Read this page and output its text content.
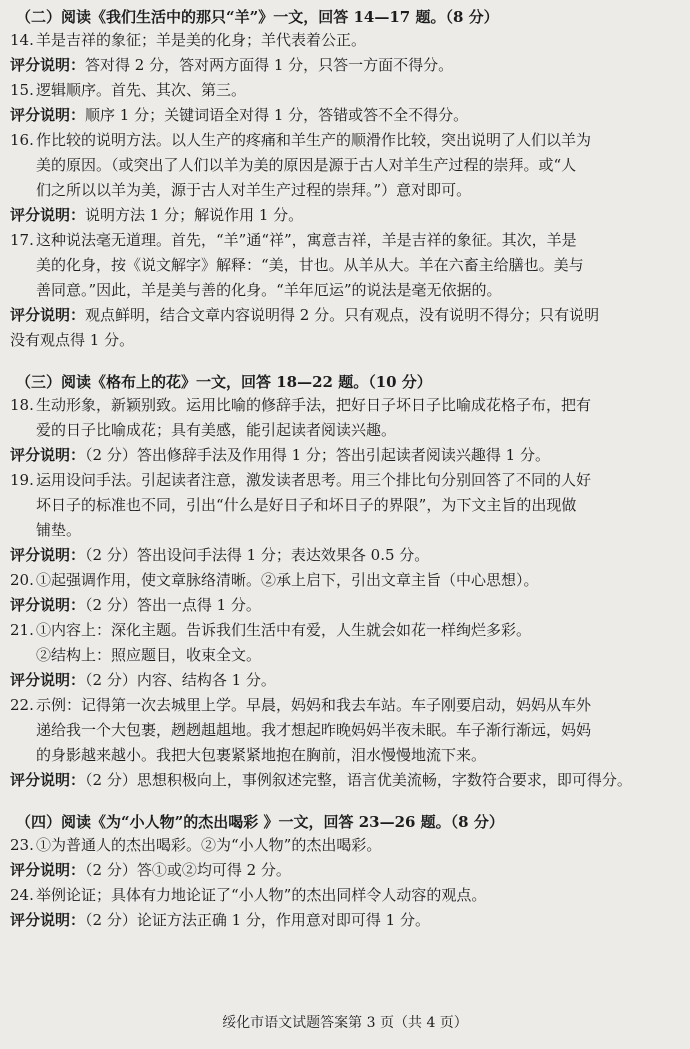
（二）阅读《我们生活中的那只“羊”》一文，回答 14—17 题。（8 分）

14. 羊是吉祥的象征；羊是美的化身；羊代表着公正。

评分说明：答对得 2 分，答对两方面得 1 分，只答一方面不得分。

15. 逻辑顺序。首先、其次、第三。

评分说明：顺序 1 分；关键词语全对得 1 分，答错或答不全不得分。

16. 作比较的说明方法。以人生产的疼痛和羊生产的顺滑作比较，突出说明了人们以羊为

美的原因。（或突出了人们以羊为美的原因是源于古人对羊生产过程的崇拜。或“人

们之所以以羊为美，源于古人对羊生产过程的崇拜。”）意对即可。

评分说明：说明方法 1 分；解说作用 1 分。

17. 这种说法毫无道理。首先，“羊”通“祥”，寓意吉祥，羊是吉祥的象征。其次，羊是

美的化身，按《说文解字》解释：“美，甘也。从羊从大。羊在六畜主给膳也。美与

善同意。”因此，羊是美与善的化身。“羊年厄运”的说法是毫无依据的。

评分说明：观点鲜明，结合文章内容说明得 2 分。只有观点，没有说明不得分；只有说明

没有观点得 1 分。

（三）阅读《格布上的花》一文，回答 18—22 题。（10 分）

18. 生动形象，新颖别致。运用比喻的修辞手法，把好日子坏日子比喻成花格子布，把有

爱的日子比喻成花；具有美感，能引起读者阅读兴趣。

评分说明：（2 分）答出修辞手法及作用得 1 分；答出引起读者阅读兴趣得 1 分。

19. 运用设问手法。引起读者注意，激发读者思考。用三个排比句分别回答了不同的人好

坏日子的标准也不同，引出“什么是好日子和坏日子的界限”，为下文主旨的出现做

铺垫。

评分说明：（2 分）答出设问手法得 1 分；表达效果各 0.5 分。

20. ①起强调作用，使文章脉络清晰。②承上启下，引出文章主旨（中心思想）。

评分说明：（2 分）答出一点得 1 分。

21. ①内容上：深化主题。告诉我们生活中有爱，人生就会如花一样绚烂多彩。

②结构上：照应题目，收束全文。

评分说明：（2 分）内容、结构各 1 分。

22. 示例：记得第一次去城里上学。早晨，妈妈和我去车站。车子刚要启动，妈妈从车外

递给我一个大包裹，趔趔趄趄地。我才想起昨晚妈妈半夜未眠。车子渐行渐远，妈妈

的身影越来越小。我把大包裹紧紧地抱在胸前，泪水慢慢地流下来。

评分说明：（2 分）思想积极向上，事例叙述完整，语言优美流畅，字数符合要求，即可得分。

（四）阅读《为“小人物”的杰出喝彩 》一文，回答 23—26 题。（8 分）

23. ①为普通人的杰出喝彩。②为“小人物”的杰出喝彩。

评分说明：（2 分）答①或②均可得 2 分。

24. 举例论证；具体有力地论证了“小人物”的杰出同样令人动容的观点。

评分说明：（2 分）论证方法正确 1 分，作用意对即可得 1 分。

绥化市语文试题答案第 3 页（共 4 页）
